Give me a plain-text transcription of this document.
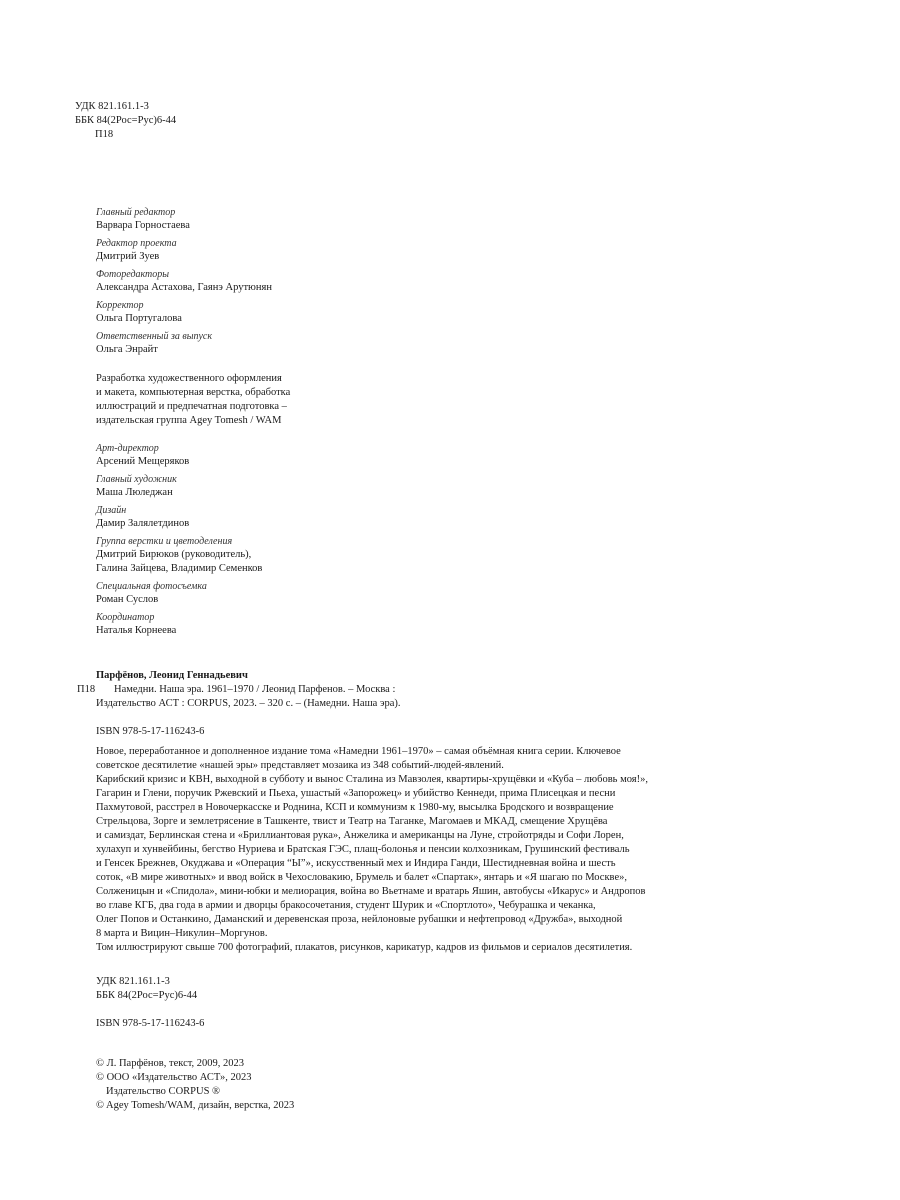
УДК 821.161.1-3
ББК 84(2Рос=Рус)6-44
П18
Главный редактор
Варвара Горностаева
Редактор проекта
Дмитрий Зуев
Фоторедакторы
Александра Астахова, Гаянэ Арутюнян
Корректор
Ольга Португалова
Ответственный за выпуск
Ольга Энрайт
Разработка художественного оформления
и макета, компьютерная верстка, обработка
иллюстраций и предпечатная подготовка –
издательская группа Agey Tomesh / WAM
Арт-директор
Арсений Мещеряков
Главный художник
Маша Люледжан
Дизайн
Дамир Залялетдинов
Группа верстки и цветоделения
Дмитрий Бирюков (руководитель),
Галина Зайцева, Владимир Семенков
Специальная фотосъемка
Роман Суслов
Координатор
Наталья Корнеева
Парфёнов, Леонид Геннадьевич
П18 Намедни. Наша эра. 1961–1970 / Леонид Парфенов. – Москва :
Издательство АСТ : CORPUS, 2023. – 320 с. – (Намедни. Наша эра).
ISBN 978-5-17-116243-6
Новое, переработанное и дополненное издание тома «Намедни 1961–1970» – самая объёмная книга серии. Ключевое
советское десятилетие «нашей эры» представляет мозаика из 348 событий-людей-явлений.
Карибский кризис и КВН, выходной в субботу и вынос Сталина из Мавзолея, квартиры-хрущёвки и «Куба – любовь моя!»,
Гагарин и Глени, поручик Ржевский и Пьеха, ушастый «Запорожец» и убийство Кеннеди, прима Плисецкая и песни
Пахмутовой, расстрел в Новочеркасске и Роднина, КСП и коммунизм к 1980-му, высылка Бродского и возвращение
Стрельцова, Зорге и землетрясение в Ташкенте, твист и Театр на Таганке, Магомаев и МКАД, смещение Хрущёва
и самиздат, Берлинская стена и «Бриллиантовая рука», Анжелика и американцы на Луне, стройотряды и Софи Лорен,
хулахуп и хунвейбины, бегство Нуриева и Братская ГЭС, плащ-болонья и пенсии колхозникам, Грушинский фестиваль
и Генсек Брежнев, Окуджава и «Операция “Ы”», искусственный мех и Индира Ганди, Шестидневная война и шесть
соток, «В мире животных» и ввод войск в Чехословакию, Брумель и балет «Спартак», янтарь и «Я шагаю по Москве»,
Солженицын и «Спидола», мини-юбки и мелиорация, война во Вьетнаме и вратарь Яшин, автобусы «Икарус» и Андропов
во главе КГБ, два года в армии и дворцы бракосочетания, студент Шурик и «Спортлото», Чебурашка и чеканка,
Олег Попов и Останкино, Даманский и деревенская проза, нейлоновые рубашки и нефтепровод «Дружба», выходной
8 марта и Вицин–Никулин–Моргунов.
Том иллюстрируют свыше 700 фотографий, плакатов, рисунков, карикатур, кадров из фильмов и сериалов десятилетия.
УДК 821.161.1-3
ББК 84(2Рос=Рус)6-44
ISBN 978-5-17-116243-6
© Л. Парфёнов, текст, 2009, 2023
© ООО «Издательство АСТ», 2023
Издательство CORPUS ®
© Agey Tomesh/WAM, дизайн, верстка, 2023
